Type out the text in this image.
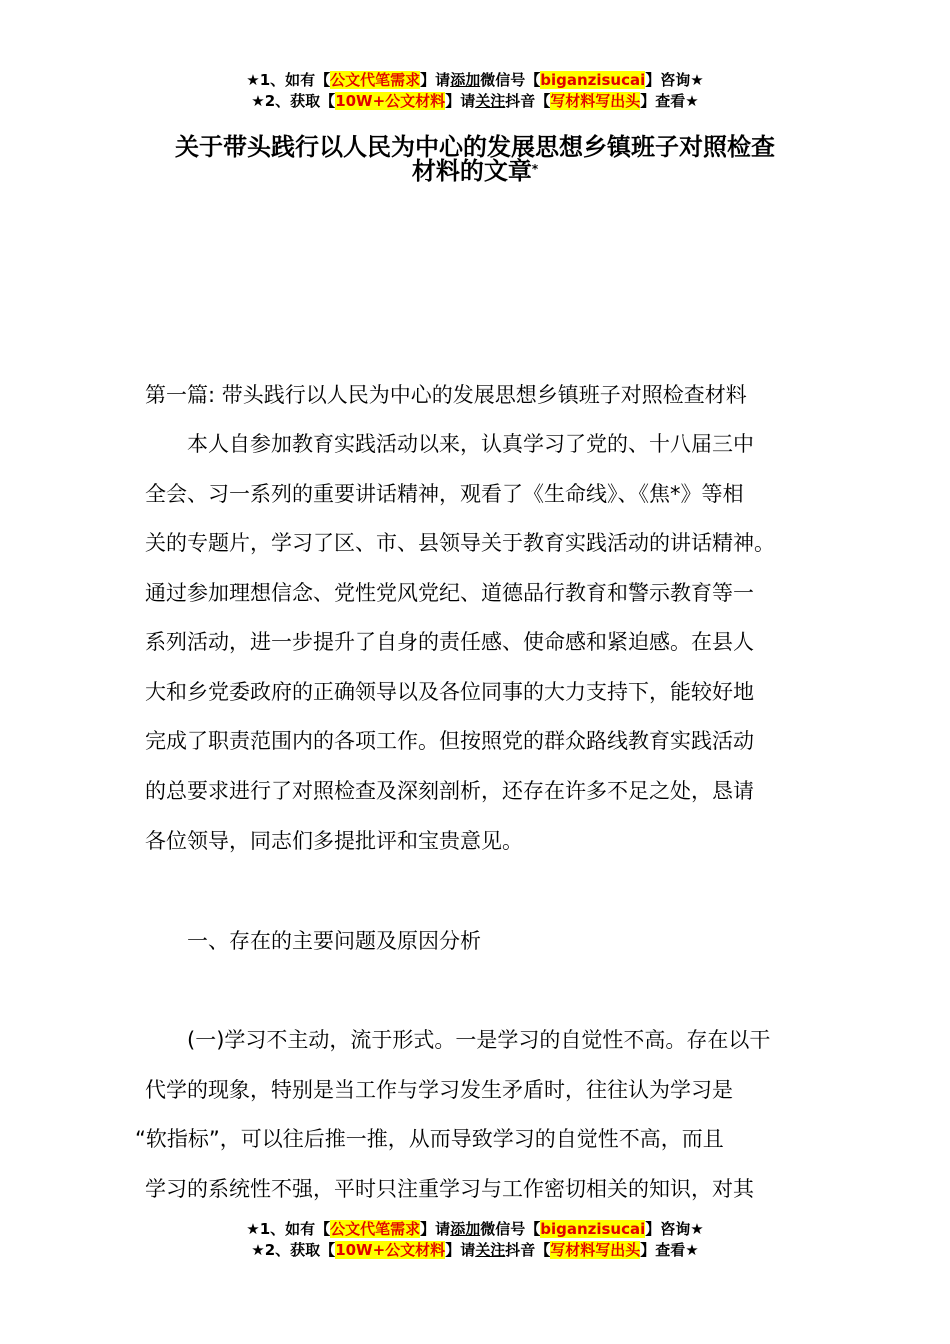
★1、如有【公文代笔需求】请添加微信号【biganzisucai】咨询★
★2、获取【10W+公文材料】请关注抖音【写材料写出头】查看★
关于带头践行以人民为中心的发展思想乡镇班子对照检查
材料的文章*
第一篇: 带头践行以人民为中心的发展思想乡镇班子对照检查材料
本人自参加教育实践活动以来，认真学习了党的、十八届三中
全会、习一系列的重要讲话精神，观看了《生命线》、《焦*》等相
关的专题片，学习了区、市、县领导关于教育实践活动的讲话精神。
通过参加理想信念、党性党风党纪、道德品行教育和警示教育等一
系列活动，进一步提升了自身的责任感、使命感和紧迫感。在县人
大和乡党委政府的正确领导以及各位同事的大力支持下，能较好地
完成了职责范围内的各项工作。但按照党的群众路线教育实践活动
的总要求进行了对照检查及深刻剖析，还存在许多不足之处，恳请
各位领导，同志们多提批评和宝贵意见。
一、存在的主要问题及原因分析
(一)学习不主动，流于形式。一是学习的自觉性不高。存在以干
代学的现象，特别是当工作与学习发生矛盾时，往往认为学习是
“软指标”，可以往后推一推，从而导致学习的自觉性不高，而且
学习的系统性不强，平时只注重学习与工作密切相关的知识，对其
★1、如有【公文代笔需求】请添加微信号【biganzisucai】咨询★
★2、获取【10W+公文材料】请关注抖音【写材料写出头】查看★
